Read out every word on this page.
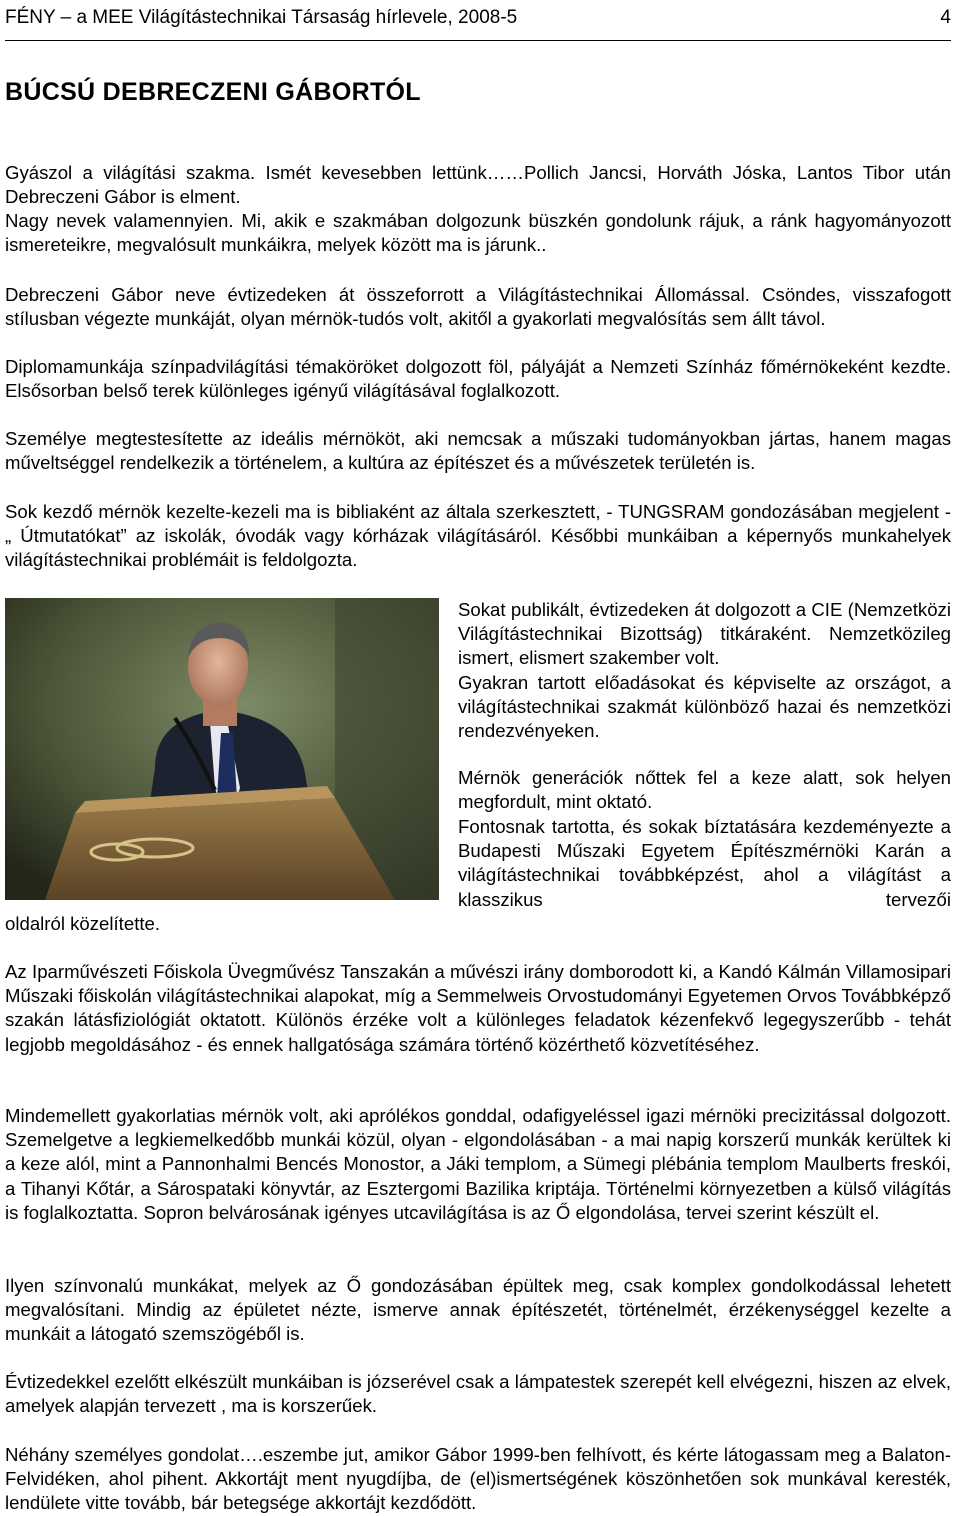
FÉNY – a MEE Világítástechnikai Társaság hírlevele, 2008-5	4
BÚCSÚ DEBRECZENI GÁBORTÓL

Gyászol a világítási szakma. Ismét kevesebben lettünk……Pollich Jancsi, Horváth Jóska, Lantos Tibor után Debreczeni Gábor is elment.

Nagy nevek valamennyien. Mi, akik e szakmában dolgozunk büszkén gondolunk rájuk, a ránk hagyományozott ismereteikre, megvalósult munkáikra, melyek között ma is járunk..

Debreczeni Gábor neve évtizedeken át összeforrott a Világítástechnikai Állomással. Csöndes, visszafogott stílusban végezte munkáját, olyan mérnök-tudós volt, akitől a gyakorlati megvalósítás sem állt távol.

Diplomamunkája színpadvilágítási témaköröket dolgozott föl, pályáját a Nemzeti Színház főmérnökeként kezdte. Elsősorban belső terek különleges igényű világításával foglalkozott.

Személye megtestesítette az ideális mérnököt, aki nemcsak a műszaki tudományokban jártas, hanem magas műveltséggel rendelkezik a történelem, a kultúra az építészet és a művészetek területén is.

Sok kezdő mérnök kezelte-kezeli ma is bibliaként az általa szerkesztett, - TUNGSRAM gondozásában megjelent - „ Útmutatókat” az iskolák, óvodák vagy kórházak világításáról. Későbbi munkáiban a képernyős munkahelyek világítástechnikai problémáit is feldolgozta.

Sokat publikált, évtizedeken át dolgozott a CIE (Nemzetközi Világítástechnikai Bizottság) titkáraként. Nemzetközileg ismert, elismert szakember volt.

Gyakran tartott előadásokat és képviselte az országot, a világítástechnikai szakmát különböző hazai és nemzetközi rendezvényeken.

Mérnök generációk nőttek fel a keze alatt, sok helyen megfordult, mint oktató.

Fontosnak tartotta, és sokak bíztatására kezdeményezte a Budapesti Műszaki Egyetem Építészmérnöki Karán a világítástechnikai továbbképzést, ahol a világítást a klasszikus tervezői

oldalról közelítette.

Az Iparművészeti Főiskola Üvegművész Tanszakán a művészi irány domborodott ki, a Kandó Kálmán Villamosipari Műszaki főiskolán világítástechnikai alapokat, míg a Semmelweis Orvostudományi Egyetemen Orvos Továbbképző szakán látásfiziológiát oktatott. Különös érzéke volt a különleges feladatok kézenfekvő legegyszerűbb - tehát legjobb megoldásához - és ennek hallgatósága számára történő közérthető közvetítéséhez.

Mindemellett gyakorlatias mérnök volt, aki aprólékos gonddal, odafigyeléssel igazi mérnöki precizitással dolgozott. Szemelgetve a legkiemelkedőbb munkái közül, olyan - elgondolásában - a mai napig korszerű munkák kerültek ki a keze alól, mint a Pannonhalmi Bencés Monostor, a Jáki templom, a Sümegi plébánia templom Maulberts freskói, a Tihanyi Kőtár, a Sárospataki könyvtár, az Esztergomi Bazilika kriptája. Történelmi környezetben a külső világítás is foglalkoztatta. Sopron belvárosának igényes utcavilágítása is az Ő elgondolása, tervei szerint készült el.

Ilyen színvonalú munkákat, melyek az Ő gondozásában épültek meg, csak komplex gondolkodással lehetett megvalósítani. Mindig az épületet nézte, ismerve annak építészetét, történelmét, érzékenységgel kezelte a munkáit a látogató szemszögéből is.

Évtizedekkel ezelőtt elkészült munkáiban is józserével csak a lámpatestek szerepét kell elvégezni, hiszen az elvek, amelyek alapján tervezett , ma is korszerűek.

Néhány személyes gondolat….eszembe jut, amikor Gábor 1999-ben felhívott, és kérte látogassam meg a Balaton-Felvidéken, ahol pihent. Akkortájt ment nyugdíjba, de (el)ismertségének köszönhetően sok munkával keresték, lendülete vitte tovább, bár betegsége akkortájt kezdődött.
